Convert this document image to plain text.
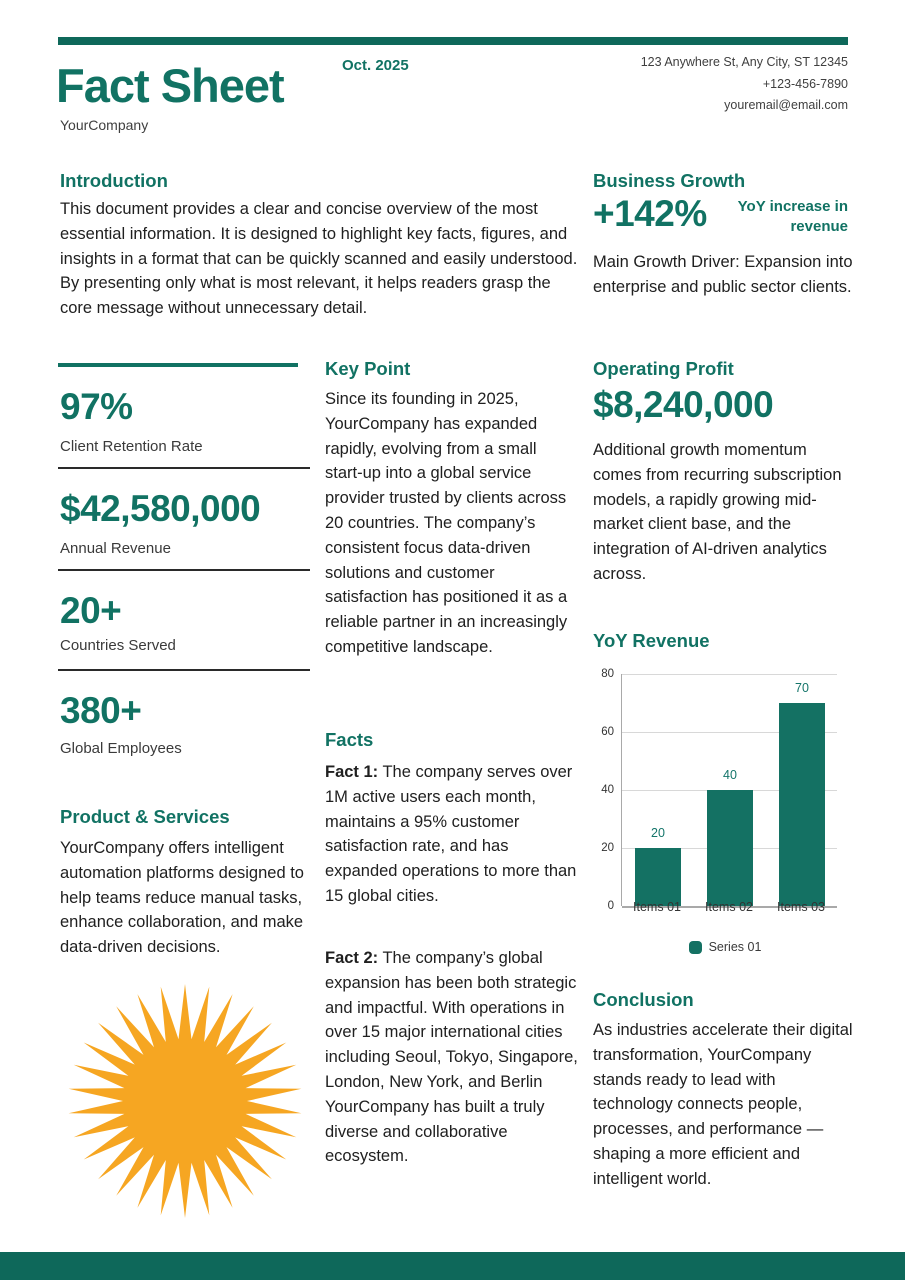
Fact Sheet	Oct. 2025	123 Anywhere St, Any City, ST 12345
+123-456-7890
youremail@email.com
YourCompany
Introduction
This document provides a clear and concise overview of the most essential information. It is designed to highlight key facts, figures, and insights in a format that can be quickly scanned and easily understood. By presenting only what is most relevant, it helps readers grasp the core message without unnecessary detail.
Business Growth
+142%	YoY increase in revenue
Main Growth Driver: Expansion into enterprise and public sector clients.
97%
Client Retention Rate
$42,580,000
Annual Revenue
20+
Countries Served
380+
Global Employees
Key Point
Since its founding in 2025, YourCompany has expanded rapidly, evolving from a small start-up into a global service provider trusted by clients across 20 countries. The company’s consistent focus data-driven solutions and customer satisfaction has positioned it as a reliable partner in an increasingly competitive landscape.
Operating Profit
$8,240,000
Additional growth momentum comes from recurring subscription models, a rapidly growing mid-market client base, and the integration of AI-driven analytics across.
Facts
Fact 1: The company serves over 1M active users each month, maintains a 95% customer satisfaction rate, and has expanded operations to more than 15 global cities.
Fact 2: The company’s global expansion has been both strategic and impactful. With operations in over 15 major international cities including Seoul, Tokyo, Singapore, London, New York, and Berlin YourCompany has built a truly diverse and collaborative ecosystem.
Product & Services
YourCompany offers intelligent automation platforms designed to help teams reduce manual tasks, enhance collaboration, and make data-driven decisions.
YoY Revenue
0
20
40
60
80
20
40
70
Series 01
Items 01	Items 02	Items 03
Conclusion
As industries accelerate their digital transformation, YourCompany stands ready to lead with technology connects people, processes, and performance — shaping a more efficient and intelligent world.
